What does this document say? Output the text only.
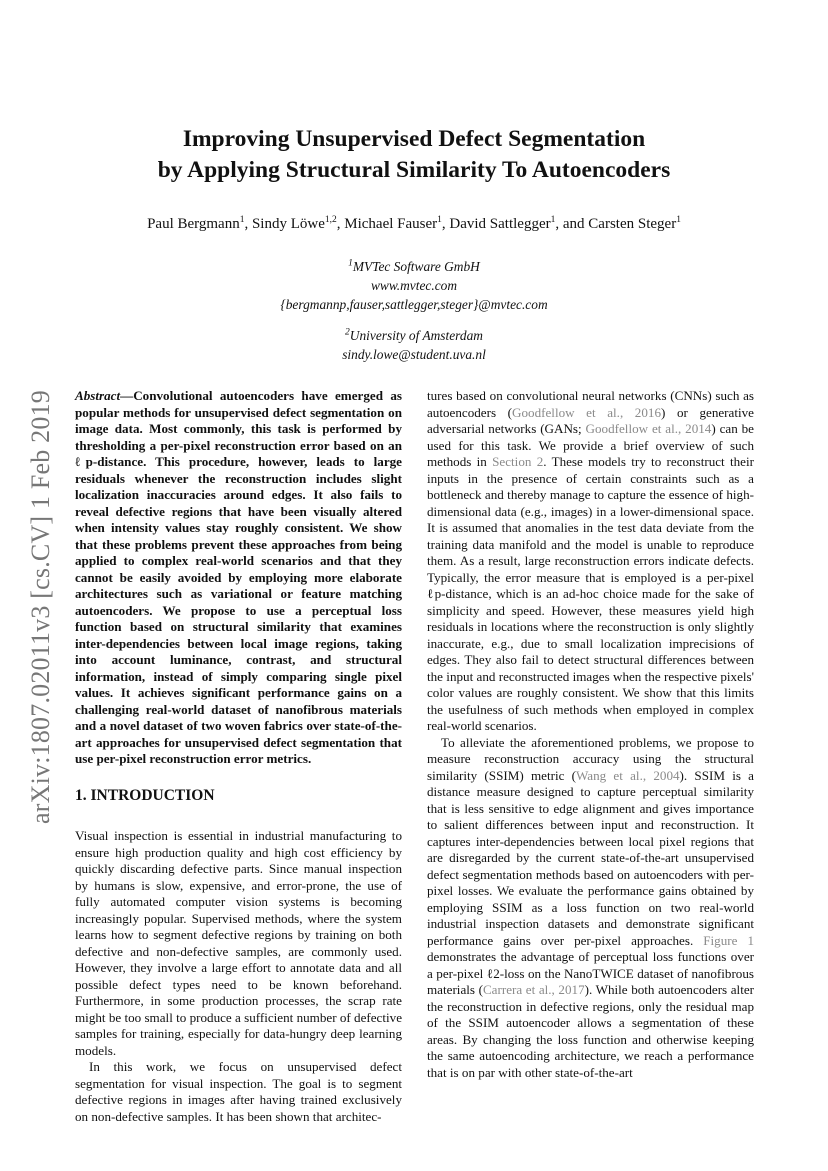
arXiv:1807.02011v3 [cs.CV] 1 Feb 2019
Improving Unsupervised Defect Segmentation
by Applying Structural Similarity To Autoencoders
Paul Bergmann$^1$, Sindy Löwe$^{1,2}$, Michael Fauser$^1$, David Sattlegger$^1$, and Carsten Steger$^1$
$^1$MVTec Software GmbH
www.mvtec.com
{bergmannp,fauser,sattlegger,steger}@mvtec.com
$^2$University of Amsterdam
sindy.lowe@student.uva.nl

Abstract—Convolutional autoencoders have emerged as popular methods for unsupervised defect segmentation on image data. Most commonly, this task is performed by thresholding a per-pixel reconstruction error based on an ℓp-distance. This procedure, however, leads to large residuals whenever the reconstruction includes slight localization inaccuracies around edges. It also fails to reveal defective regions that have been visually altered when intensity values stay roughly consistent. We show that these problems prevent these approaches from being applied to complex real-world scenarios and that they cannot be easily avoided by employing more elaborate architectures such as variational or feature matching autoencoders. We propose to use a perceptual loss function based on structural similarity that examines inter-dependencies between local image regions, taking into account luminance, contrast, and structural information, instead of simply comparing single pixel values. It achieves significant performance gains on a challenging real-world dataset of nanofibrous materials and a novel dataset of two woven fabrics over state-of-the-art approaches for unsupervised defect segmentation that use per-pixel reconstruction error metrics.

1. INTRODUCTION

Visual inspection is essential in industrial manufacturing to ensure high production quality and high cost efficiency by quickly discarding defective parts. Since manual inspection by humans is slow, expensive, and error-prone, the use of fully automated computer vision systems is becoming increasingly popular. Supervised methods, where the system learns how to segment defective regions by training on both defective and non-defective samples, are commonly used. However, they involve a large effort to annotate data and all possible defect types need to be known beforehand. Furthermore, in some production processes, the scrap rate might be too small to produce a sufficient number of defective samples for training, especially for data-hungry deep learning models.

In this work, we focus on unsupervised defect segmentation for visual inspection. The goal is to segment defective regions in images after having trained exclusively on non-defective samples. It has been shown that architec-

tures based on convolutional neural networks (CNNs) such as autoencoders (Goodfellow et al., 2016) or generative adversarial networks (GANs; Goodfellow et al., 2014) can be used for this task. We provide a brief overview of such methods in Section 2. These models try to reconstruct their inputs in the presence of certain constraints such as a bottleneck and thereby manage to capture the essence of high-dimensional data (e.g., images) in a lower-dimensional space. It is assumed that anomalies in the test data deviate from the training data manifold and the model is unable to reproduce them. As a result, large reconstruction errors indicate defects. Typically, the error measure that is employed is a per-pixel ℓp-distance, which is an ad-hoc choice made for the sake of simplicity and speed. However, these measures yield high residuals in locations where the reconstruction is only slightly inaccurate, e.g., due to small localization imprecisions of edges. They also fail to detect structural differences between the input and reconstructed images when the respective pixels' color values are roughly consistent. We show that this limits the usefulness of such methods when employed in complex real-world scenarios.

To alleviate the aforementioned problems, we propose to measure reconstruction accuracy using the structural similarity (SSIM) metric (Wang et al., 2004). SSIM is a distance measure designed to capture perceptual similarity that is less sensitive to edge alignment and gives importance to salient differences between input and reconstruction. It captures inter-dependencies between local pixel regions that are disregarded by the current state-of-the-art unsupervised defect segmentation methods based on autoencoders with per-pixel losses. We evaluate the performance gains obtained by employing SSIM as a loss function on two real-world industrial inspection datasets and demonstrate significant performance gains over per-pixel approaches. Figure 1 demonstrates the advantage of perceptual loss functions over a per-pixel ℓ2-loss on the NanoTWICE dataset of nanofibrous materials (Carrera et al., 2017). While both autoencoders alter the reconstruction in defective regions, only the residual map of the SSIM autoencoder allows a segmentation of these areas. By changing the loss function and otherwise keeping the same autoencoding architecture, we reach a performance that is on par with other state-of-the-art
